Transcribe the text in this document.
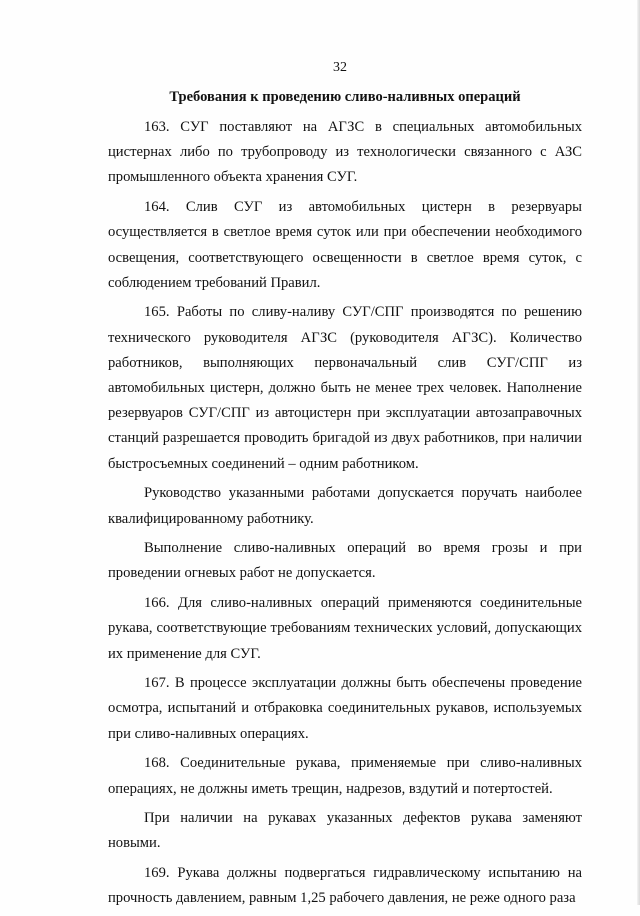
32
Требования к проведению сливо-наливных операций

163. СУГ поставляют на АГЗС в специальных автомобильных цистернах либо по трубопроводу из технологически связанного с АЗС промышленного объекта хранения СУГ.

164. Слив СУГ из автомобильных цистерн в резервуары осуществляется в светлое время суток или при обеспечении необходимого освещения, соответствующего освещенности в светлое время суток, с соблюдением требований Правил.

165. Работы по сливу-наливу СУГ/СПГ производятся по решению технического руководителя АГЗС (руководителя АГЗС). Количество работников, выполняющих первоначальный слив СУГ/СПГ из автомобильных цистерн, должно быть не менее трех человек. Наполнение резервуаров СУГ/СПГ из автоцистерн при эксплуатации автозаправочных станций разрешается проводить бригадой из двух работников, при наличии быстросъемных соединений – одним работником.

Руководство указанными работами допускается поручать наиболее квалифицированному работнику.

Выполнение сливо-наливных операций во время грозы и при проведении огневых работ не допускается.

166. Для сливо-наливных операций применяются соединительные рукава, соответствующие требованиям технических условий, допускающих их применение для СУГ.

167. В процессе эксплуатации должны быть обеспечены проведение осмотра, испытаний и отбраковка соединительных рукавов, используемых при сливо-наливных операциях.

168. Соединительные рукава, применяемые при сливо-наливных операциях, не должны иметь трещин, надрезов, вздутий и потертостей.

При наличии на рукавах указанных дефектов рукава заменяют новыми.

169. Рукава должны подвергаться гидравлическому испытанию на прочность давлением, равным 1,25 рабочего давления, не реже одного раза
